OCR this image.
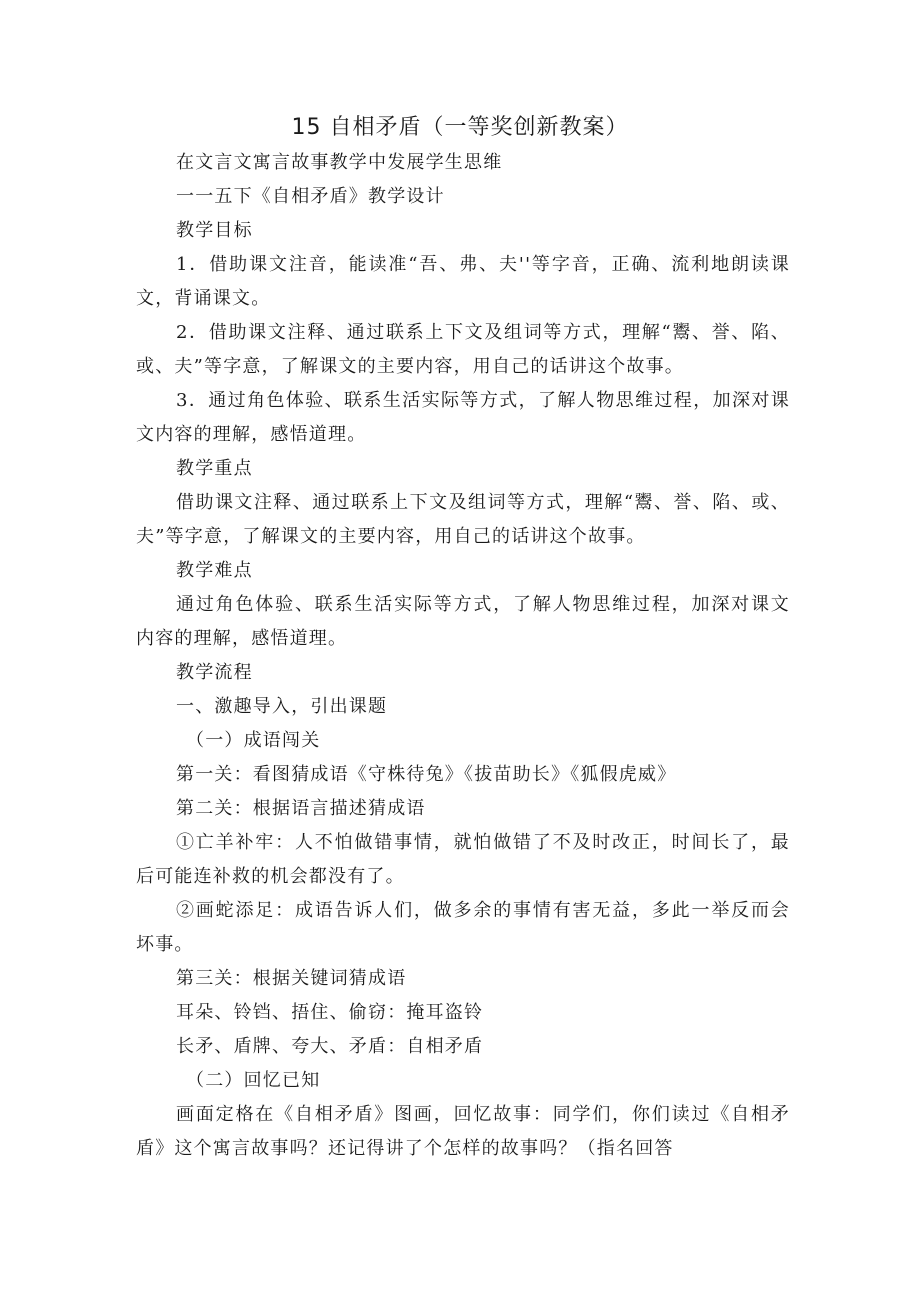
15 自相矛盾（一等奖创新教案）

在文言文寓言故事教学中发展学生思维

一一五下《自相矛盾》教学设计

教学目标

1．借助课文注音，能读准“吾、弗、夫''等字音，正确、流利地朗读课文，背诵课文。

2．借助课文注释、通过联系上下文及组词等方式，理解“鬻、誉、陷、或、夫”等字意，了解课文的主要内容，用自己的话讲这个故事。

3．通过角色体验、联系生活实际等方式，了解人物思维过程，加深对课文内容的理解，感悟道理。

教学重点

借助课文注释、通过联系上下文及组词等方式，理解“鬻、誉、陷、或、夫”等字意，了解课文的主要内容，用自己的话讲这个故事。

教学难点

通过角色体验、联系生活实际等方式，了解人物思维过程，加深对课文内容的理解，感悟道理。

教学流程

一、激趣导入，引出课题

（一）成语闯关

第一关：看图猜成语《守株待兔》《拔苗助长》《狐假虎威》

第二关：根据语言描述猜成语

①亡羊补牢：人不怕做错事情，就怕做错了不及时改正，时间长了，最后可能连补救的机会都没有了。

②画蛇添足：成语告诉人们，做多余的事情有害无益，多此一举反而会坏事。

第三关：根据关键词猜成语

耳朵、铃铛、捂住、偷窃：掩耳盗铃

长矛、盾牌、夸大、矛盾：自相矛盾

（二）回忆已知

画面定格在《自相矛盾》图画，回忆故事：同学们，你们读过《自相矛盾》这个寓言故事吗？还记得讲了个怎样的故事吗？（指名回答
